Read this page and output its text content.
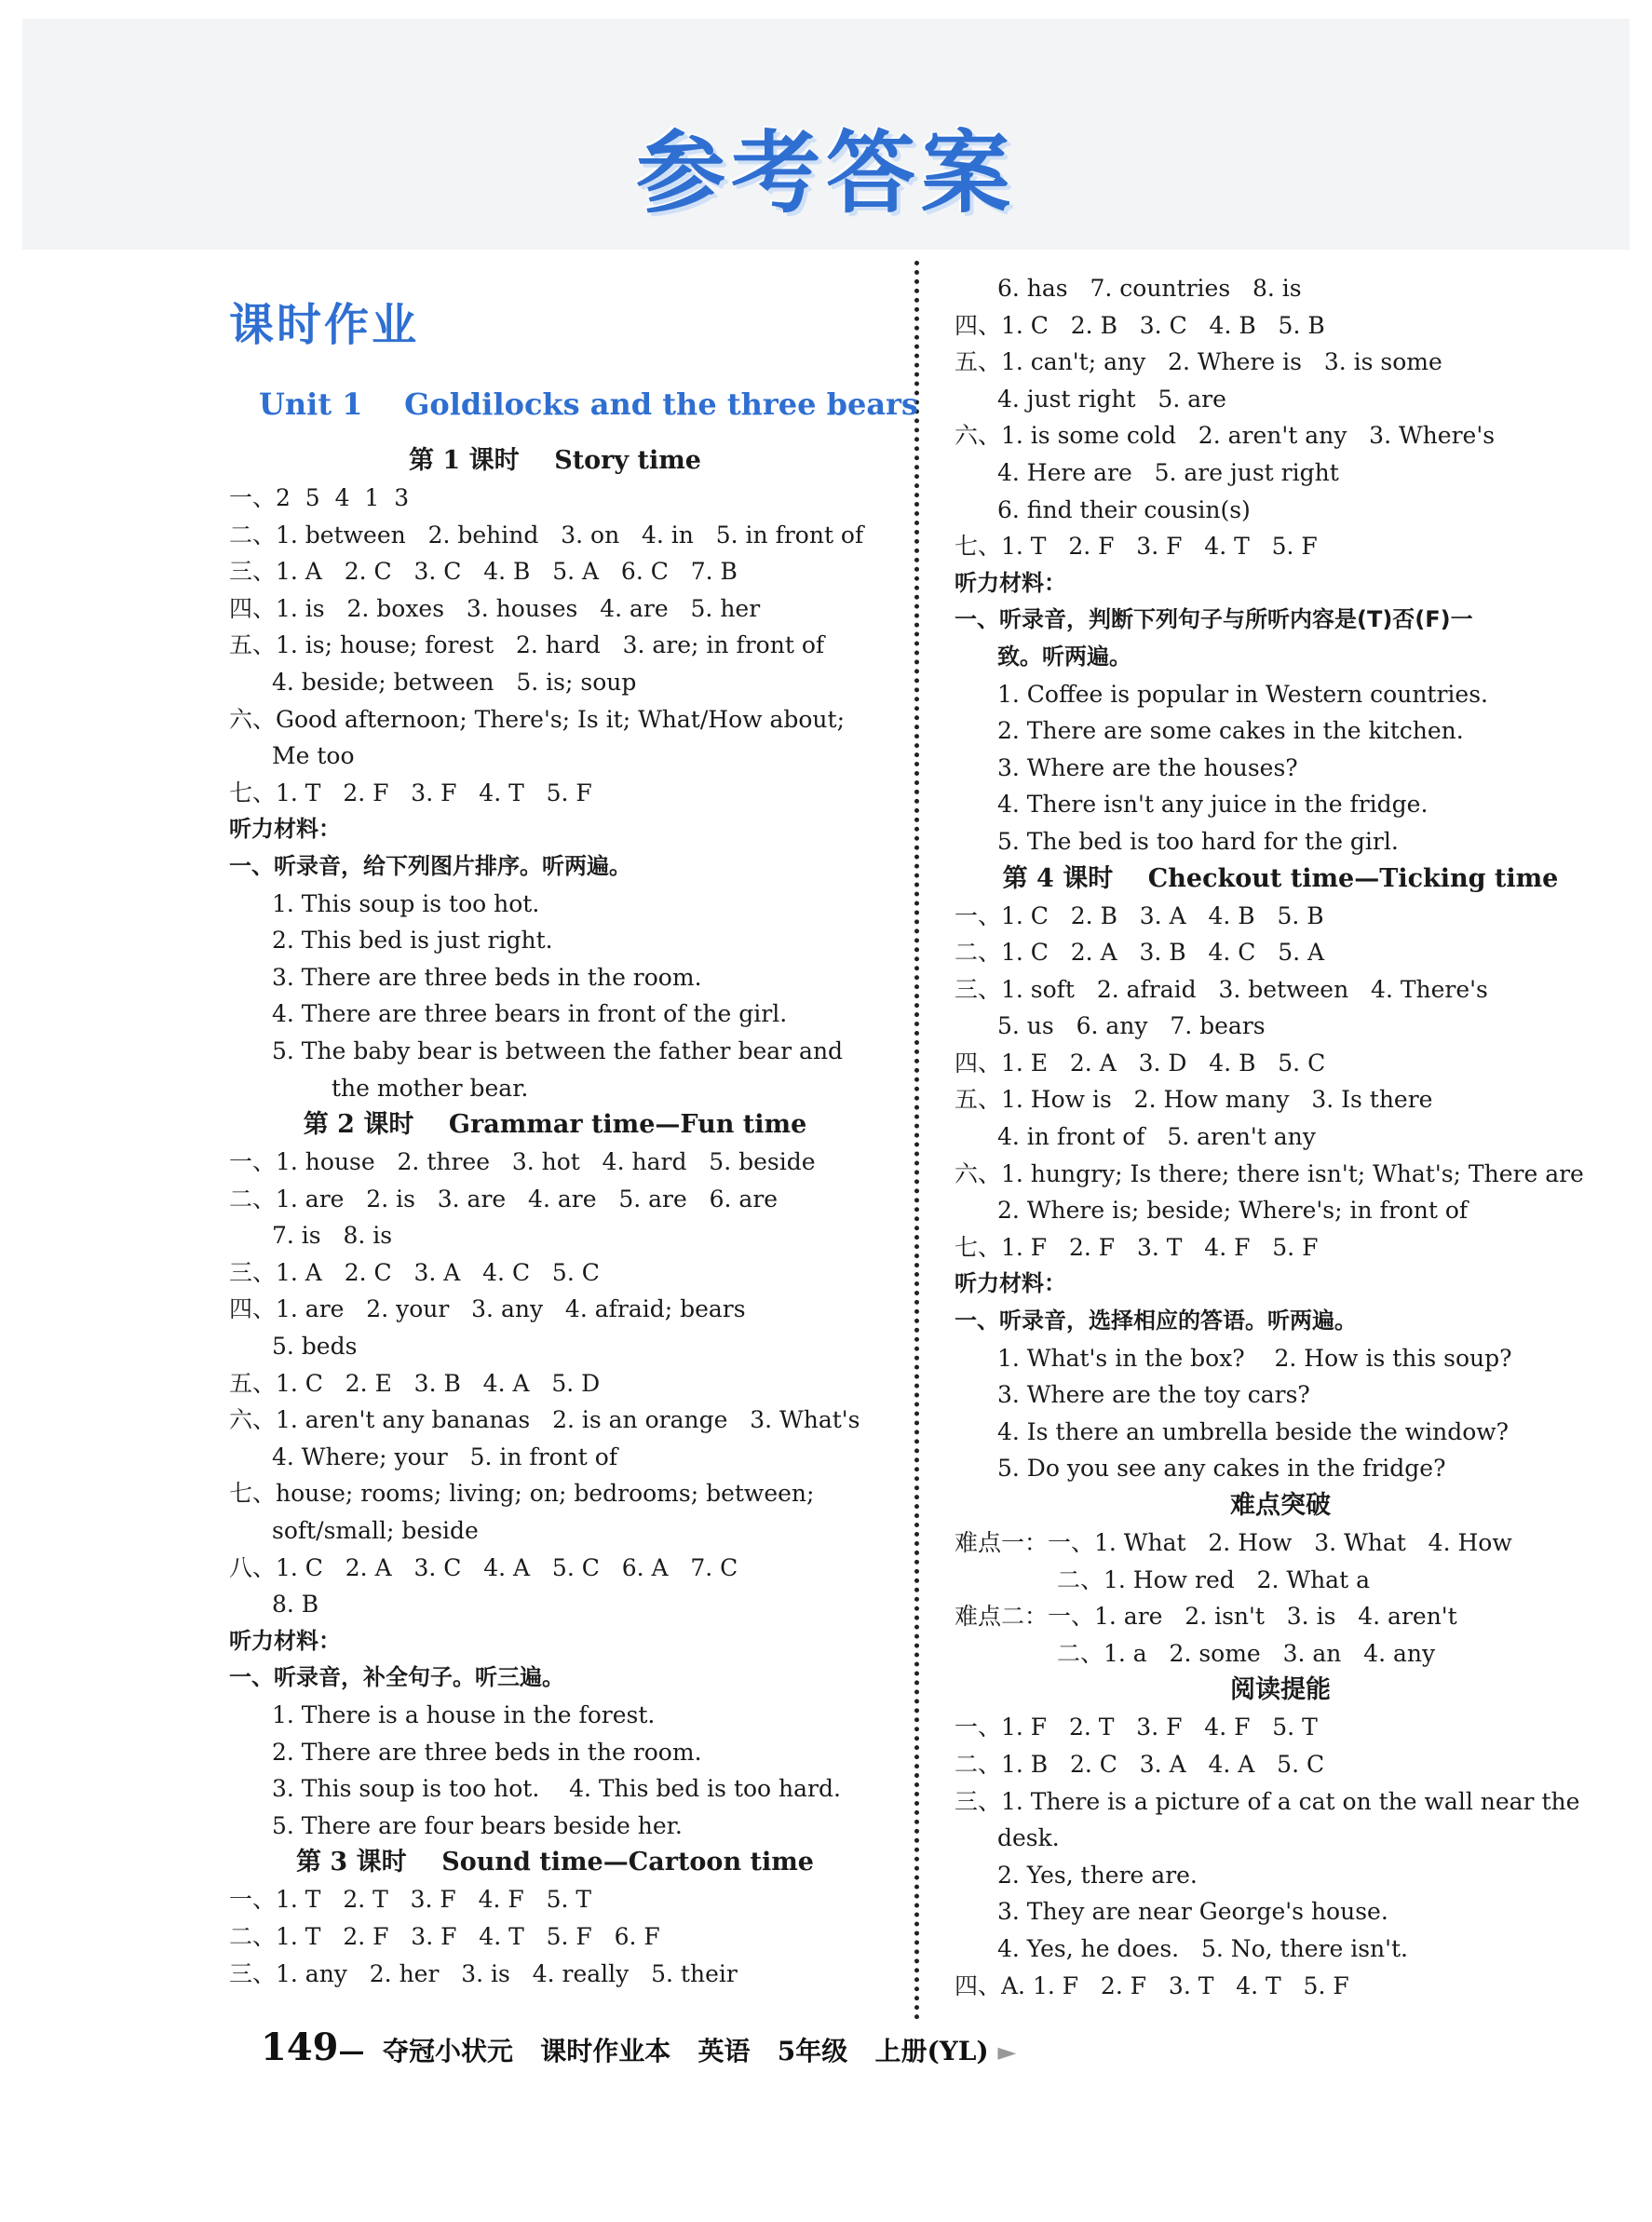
参考答案
课时作业
Unit 1    Goldilocks and the three bears
第 1 课时    Story time
一、2  5  4  1  3
二、1. between   2. behind   3. on   4. in   5. in front of
三、1. A   2. C   3. C   4. B   5. A   6. C   7. B
四、1. is   2. boxes   3. houses   4. are   5. her
五、1. is; house; forest   2. hard   3. are; in front of
4. beside; between   5. is; soup
六、Good afternoon; There's; Is it; What/How about;
Me too
七、1. T   2. F   3. F   4. T   5. F
听力材料：
一、听录音，给下列图片排序。听两遍。
1. This soup is too hot.
2. This bed is just right.
3. There are three beds in the room.
4. There are three bears in front of the girl.
5. The baby bear is between the father bear and
the mother bear.
第 2 课时    Grammar time—Fun time
一、1. house   2. three   3. hot   4. hard   5. beside
二、1. are   2. is   3. are   4. are   5. are   6. are
7. is   8. is
三、1. A   2. C   3. A   4. C   5. C
四、1. are   2. your   3. any   4. afraid; bears
5. beds
五、1. C   2. E   3. B   4. A   5. D
六、1. aren't any bananas   2. is an orange   3. What's
4. Where; your   5. in front of
七、house; rooms; living; on; bedrooms; between;
soft/small; beside
八、1. C   2. A   3. C   4. A   5. C   6. A   7. C
8. B
听力材料：
一、听录音，补全句子。听三遍。
1. There is a house in the forest.
2. There are three beds in the room.
3. This soup is too hot.    4. This bed is too hard.
5. There are four bears beside her.
第 3 课时    Sound time—Cartoon time
一、1. T   2. T   3. F   4. F   5. T
二、1. T   2. F   3. F   4. T   5. F   6. F
三、1. any   2. her   3. is   4. really   5. their
6. has   7. countries   8. is
四、1. C   2. B   3. C   4. B   5. B
五、1. can't; any   2. Where is   3. is some
4. just right   5. are
六、1. is some cold   2. aren't any   3. Where's
4. Here are   5. are just right
6. find their cousin(s)
七、1. T   2. F   3. F   4. T   5. F
听力材料：
一、听录音，判断下列句子与所听内容是(T)否(F)一
致。听两遍。
1. Coffee is popular in Western countries.
2. There are some cakes in the kitchen.
3. Where are the houses?
4. There isn't any juice in the fridge.
5. The bed is too hard for the girl.
第 4 课时    Checkout time—Ticking time
一、1. C   2. B   3. A   4. B   5. B
二、1. C   2. A   3. B   4. C   5. A
三、1. soft   2. afraid   3. between   4. There's
5. us   6. any   7. bears
四、1. E   2. A   3. D   4. B   5. C
五、1. How is   2. How many   3. Is there
4. in front of   5. aren't any
六、1. hungry; Is there; there isn't; What's; There are
2. Where is; beside; Where's; in front of
七、1. F   2. F   3. T   4. F   5. F
听力材料：
一、听录音，选择相应的答语。听两遍。
1. What's in the box?    2. How is this soup?
3. Where are the toy cars?
4. Is there an umbrella beside the window?
5. Do you see any cakes in the fridge?
难点突破
难点一：一、1. What   2. How   3. What   4. How
二、1. How red   2. What a
难点二：一、1. are   2. isn't   3. is   4. aren't
二、1. a   2. some   3. an   4. any
阅读提能
一、1. F   2. T   3. F   4. F   5. T
二、1. B   2. C   3. A   4. A   5. C
三、1. There is a picture of a cat on the wall near the
desk.
2. Yes, there are.
3. They are near George's house.
4. Yes, he does.   5. No, there isn't.
四、A. 1. F   2. F   3. T   4. T   5. F
149—  夺冠小状元   课时作业本   英语   5年级   上册(YL) ►
